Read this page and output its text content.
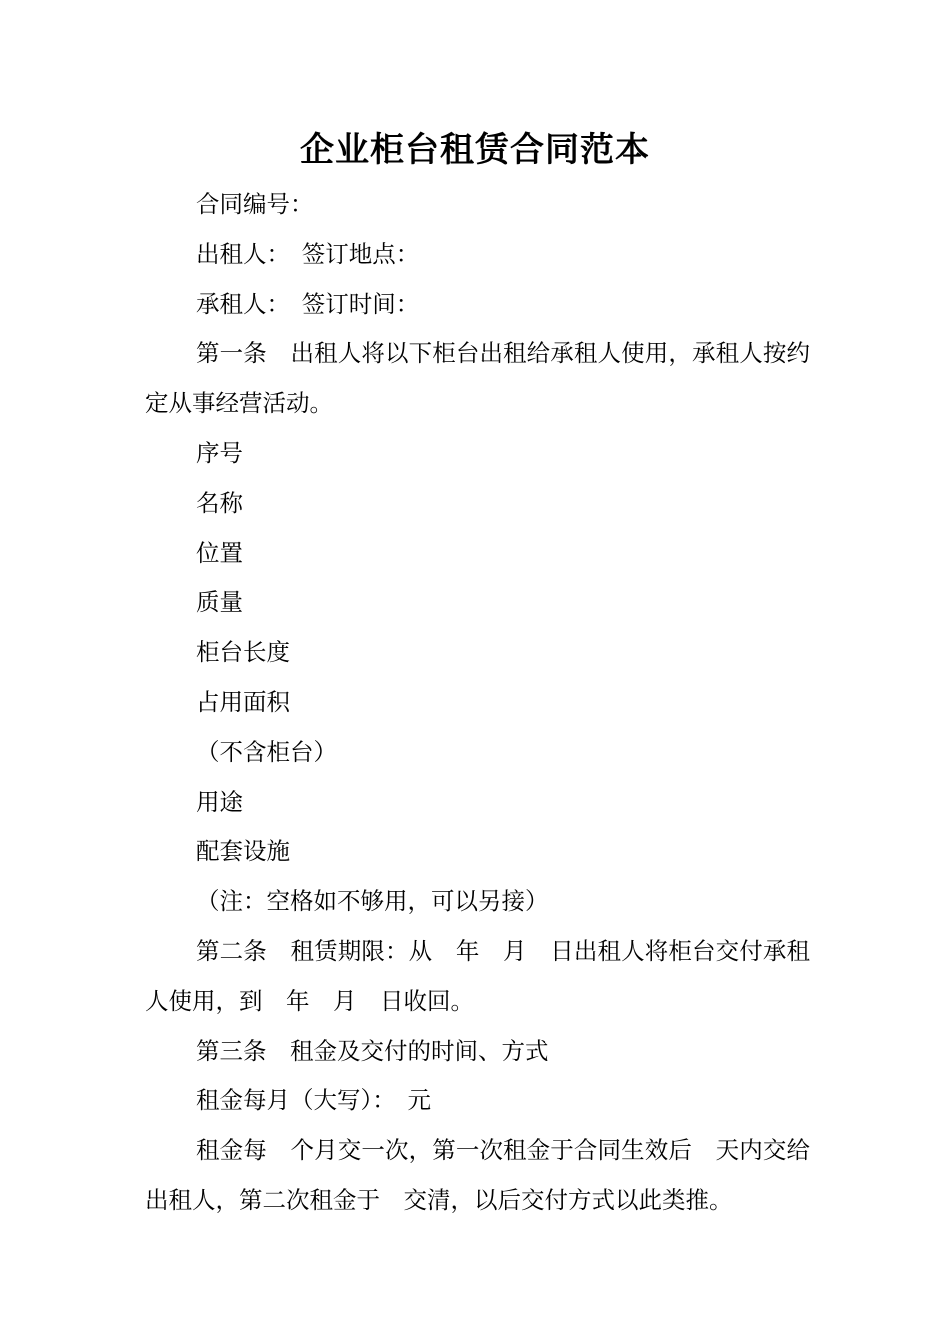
企业柜台租赁合同范本

合同编号：

出租人：　签订地点：

承租人：　签订时间：

第一条　出租人将以下柜台出租给承租人使用，承租人按约定从事经营活动。

序号

名称

位置

质量

柜台长度

占用面积

（不含柜台）

用途

配套设施

（注：空格如不够用，可以另接）

第二条　租赁期限：从　年　月　日出租人将柜台交付承租人使用，到　年　月　日收回。

第三条　租金及交付的时间、方式

租金每月（大写）：　元

租金每　个月交一次，第一次租金于合同生效后　天内交给出租人，第二次租金于　交清，以后交付方式以此类推。
